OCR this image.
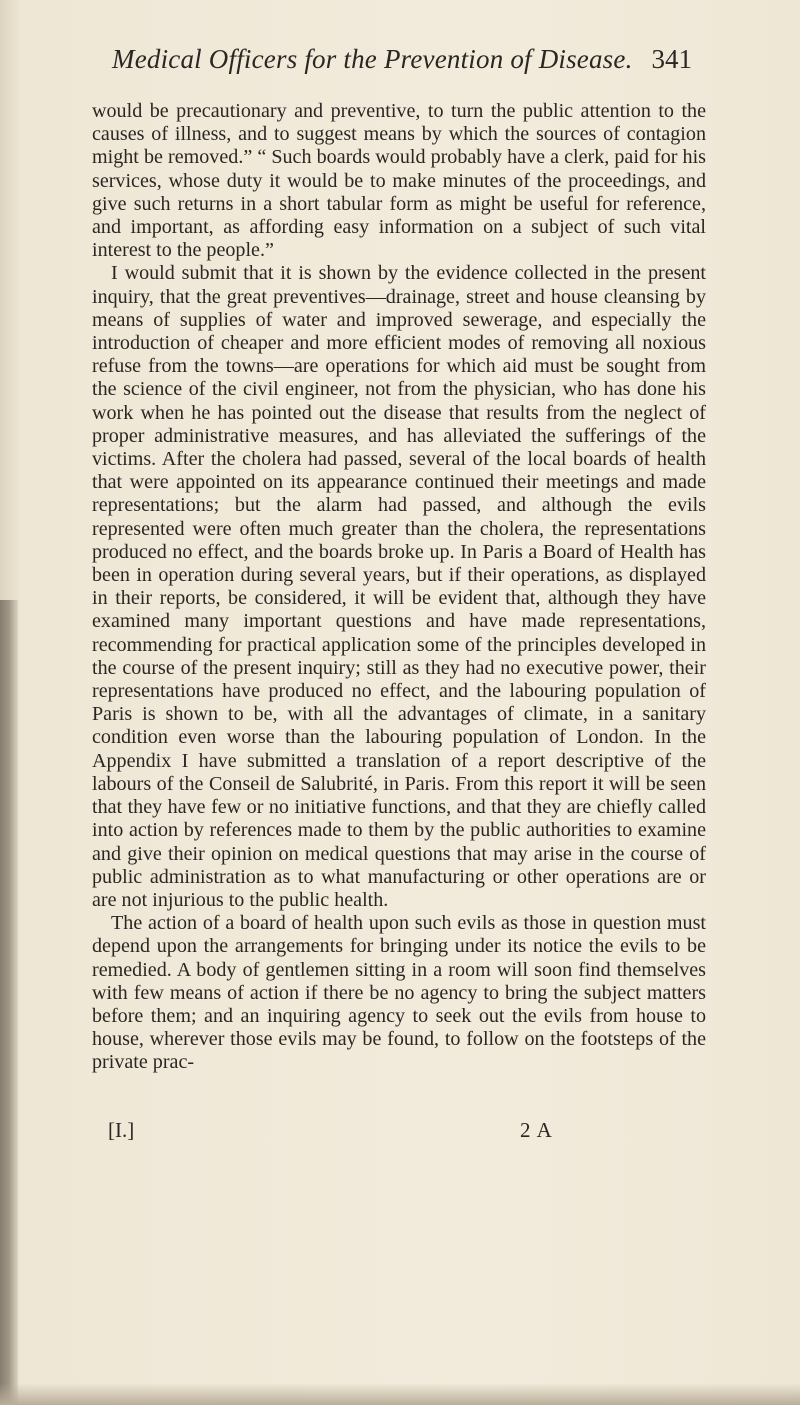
Medical Officers for the Prevention of Disease. 341

would be precautionary and preventive, to turn the public attention to the causes of illness, and to suggest means by which the sources of contagion might be removed.” “ Such boards would probably have a clerk, paid for his services, whose duty it would be to make minutes of the proceedings, and give such returns in a short tabular form as might be useful for reference, and important, as affording easy information on a subject of such vital interest to the people.”

I would submit that it is shown by the evidence collected in the present inquiry, that the great preventives—drainage, street and house cleansing by means of supplies of water and improved sewerage, and especially the introduction of cheaper and more efficient modes of removing all noxious refuse from the towns—are operations for which aid must be sought from the science of the civil engineer, not from the physician, who has done his work when he has pointed out the disease that results from the neglect of proper administrative measures, and has alleviated the sufferings of the victims. After the cholera had passed, several of the local boards of health that were appointed on its appearance continued their meetings and made representations; but the alarm had passed, and although the evils represented were often much greater than the cholera, the representations produced no effect, and the boards broke up. In Paris a Board of Health has been in operation during several years, but if their operations, as displayed in their reports, be considered, it will be evident that, although they have examined many important questions and have made representations, recommending for practical application some of the principles developed in the course of the present inquiry; still as they had no executive power, their representations have produced no effect, and the labouring population of Paris is shown to be, with all the advantages of climate, in a sanitary condition even worse than the labouring population of London. In the Appendix I have submitted a translation of a report descriptive of the labours of the Conseil de Salubrité, in Paris. From this report it will be seen that they have few or no initiative functions, and that they are chiefly called into action by references made to them by the public authorities to examine and give their opinion on medical questions that may arise in the course of public administration as to what manufacturing or other operations are or are not injurious to the public health.

The action of a board of health upon such evils as those in question must depend upon the arrangements for bringing under its notice the evils to be remedied. A body of gentlemen sitting in a room will soon find themselves with few means of action if there be no agency to bring the subject matters before them; and an inquiring agency to seek out the evils from house to house, wherever those evils may be found, to follow on the footsteps of the private prac-

[I.]	2 A
